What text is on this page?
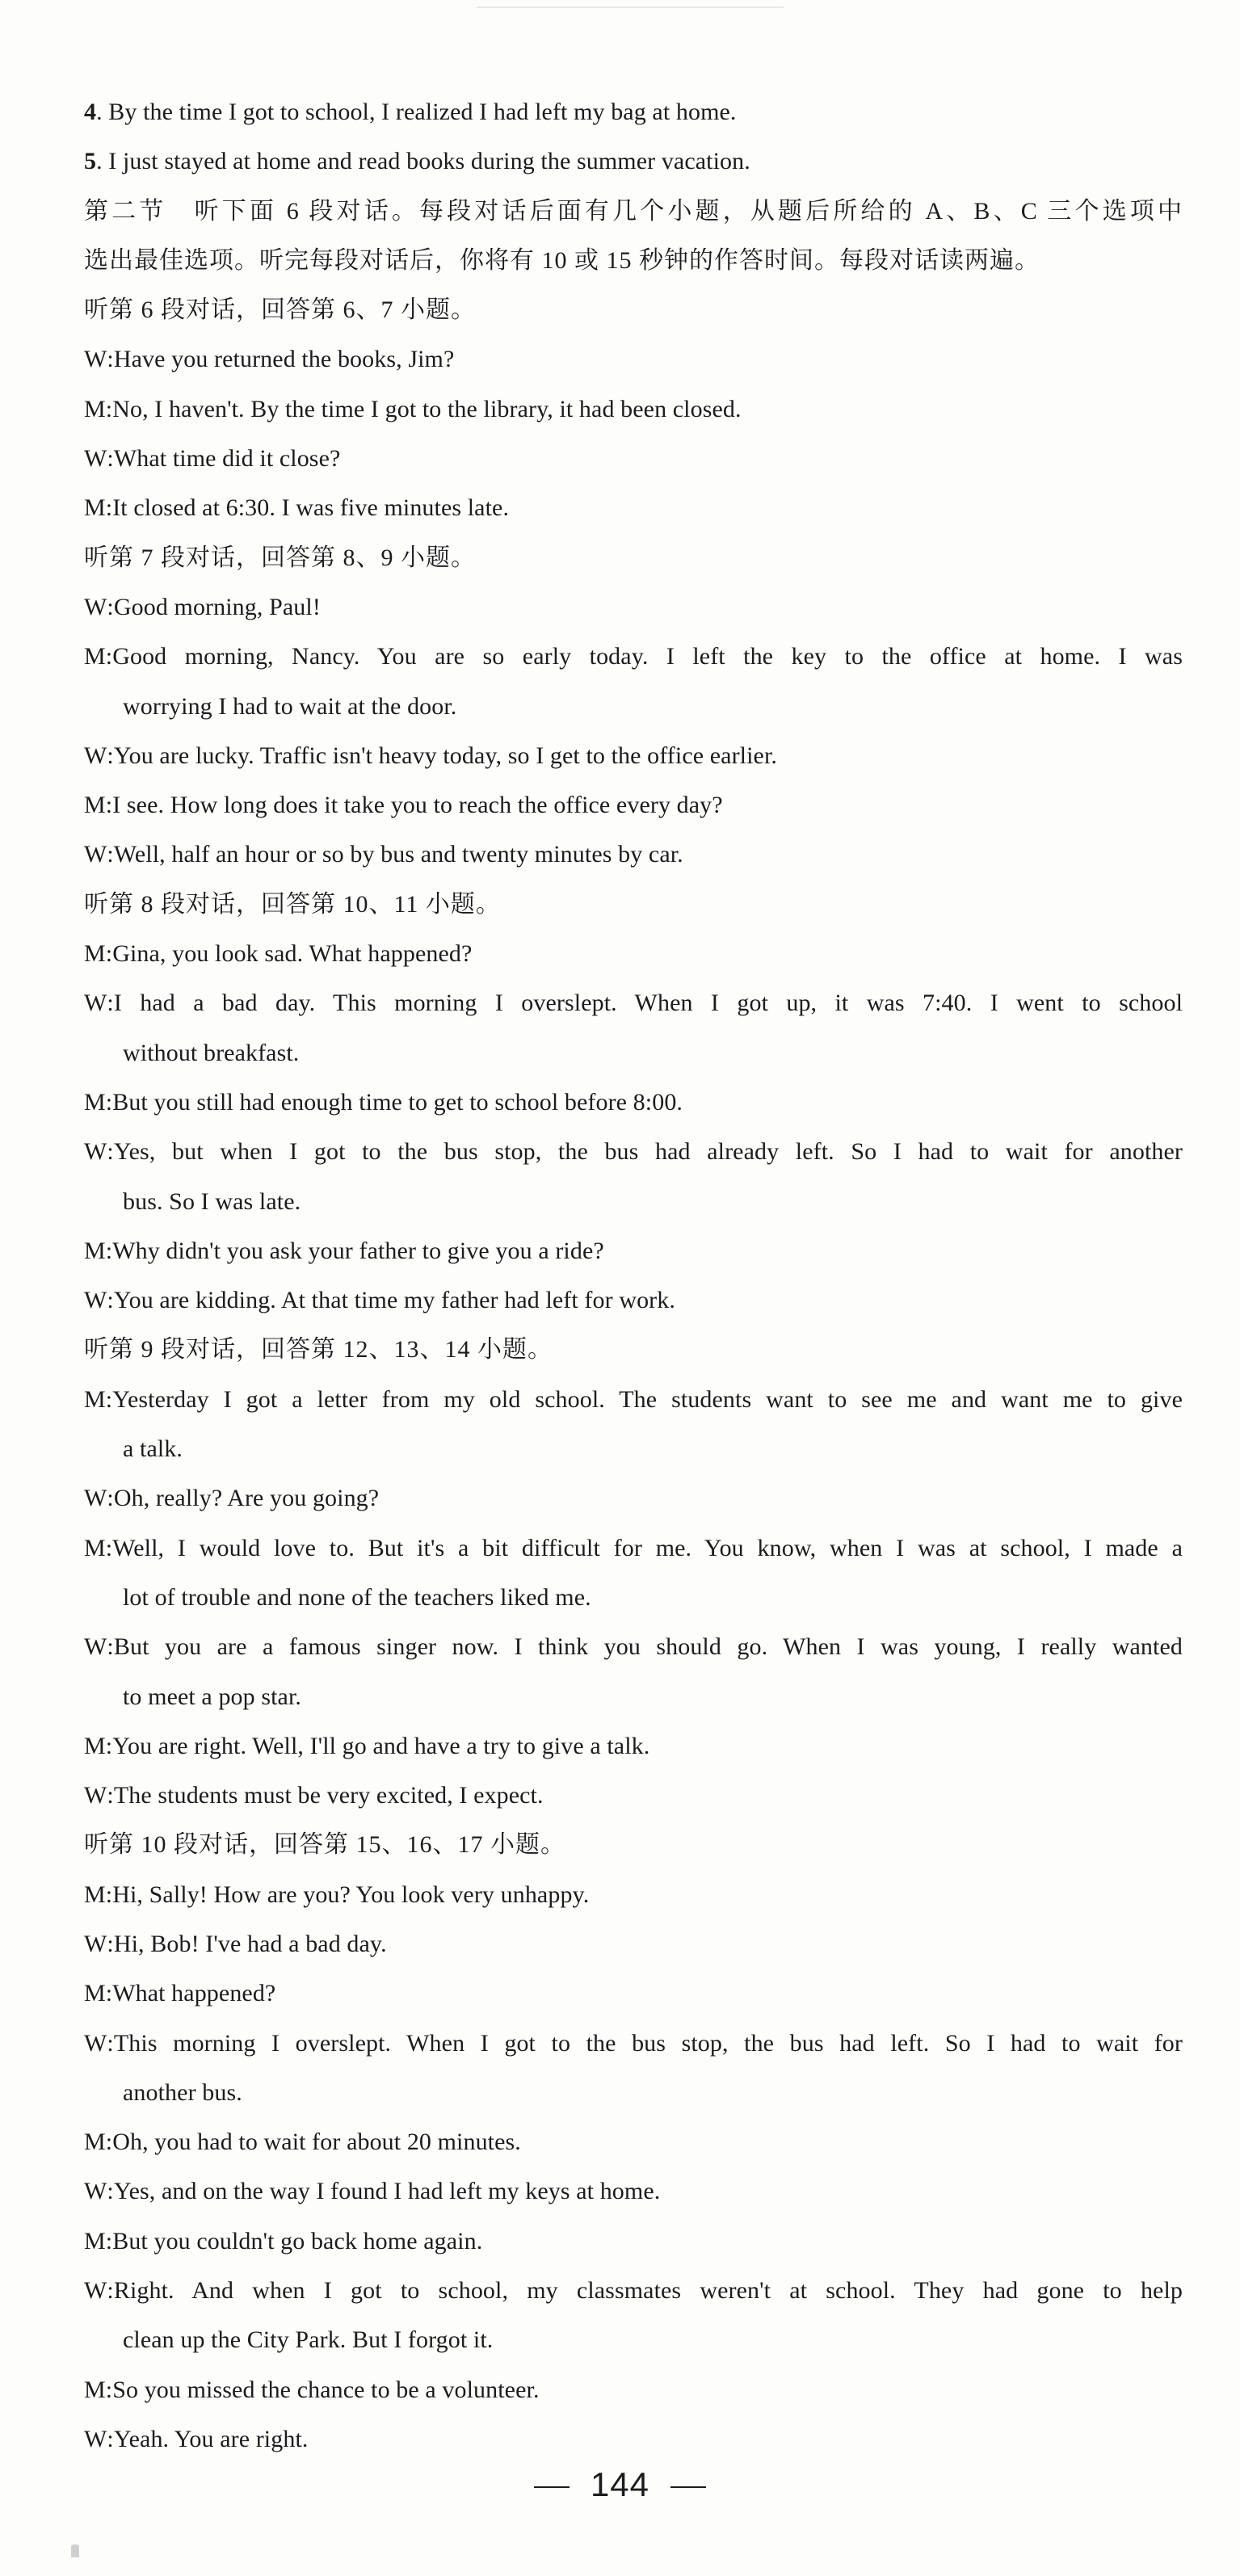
4. By the time I got to school, I realized I had left my bag at home.
5. I just stayed at home and read books during the summer vacation.
第二节　听下面 6 段对话。每段对话后面有几个小题，从题后所给的 A、B、C 三个选项中
选出最佳选项。听完每段对话后，你将有 10 或 15 秒钟的作答时间。每段对话读两遍。
听第 6 段对话，回答第 6、7 小题。
W:Have you returned the books, Jim?
M:No, I haven't. By the time I got to the library, it had been closed.
W:What time did it close?
M:It closed at 6:30. I was five minutes late.
听第 7 段对话，回答第 8、9 小题。
W:Good morning, Paul!
M:Good morning, Nancy. You are so early today. I left the key to the office at home. I was
worrying I had to wait at the door.
W:You are lucky. Traffic isn't heavy today, so I get to the office earlier.
M:I see. How long does it take you to reach the office every day?
W:Well, half an hour or so by bus and twenty minutes by car.
听第 8 段对话，回答第 10、11 小题。
M:Gina, you look sad. What happened?
W:I had a bad day. This morning I overslept. When I got up, it was 7:40. I went to school
without breakfast.
M:But you still had enough time to get to school before 8:00.
W:Yes, but when I got to the bus stop, the bus had already left. So I had to wait for another
bus. So I was late.
M:Why didn't you ask your father to give you a ride?
W:You are kidding. At that time my father had left for work.
听第 9 段对话，回答第 12、13、14 小题。
M:Yesterday I got a letter from my old school. The students want to see me and want me to give
a talk.
W:Oh, really? Are you going?
M:Well, I would love to. But it's a bit difficult for me. You know, when I was at school, I made a
lot of trouble and none of the teachers liked me.
W:But you are a famous singer now. I think you should go. When I was young, I really wanted
to meet a pop star.
M:You are right. Well, I'll go and have a try to give a talk.
W:The students must be very excited, I expect.
听第 10 段对话，回答第 15、16、17 小题。
M:Hi, Sally! How are you? You look very unhappy.
W:Hi, Bob! I've had a bad day.
M:What happened?
W:This morning I overslept. When I got to the bus stop, the bus had left. So I had to wait for
another bus.
M:Oh, you had to wait for about 20 minutes.
W:Yes, and on the way I found I had left my keys at home.
M:But you couldn't go back home again.
W:Right. And when I got to school, my classmates weren't at school. They had gone to help
clean up the City Park. But I forgot it.
M:So you missed the chance to be a volunteer.
W:Yeah. You are right.
144
